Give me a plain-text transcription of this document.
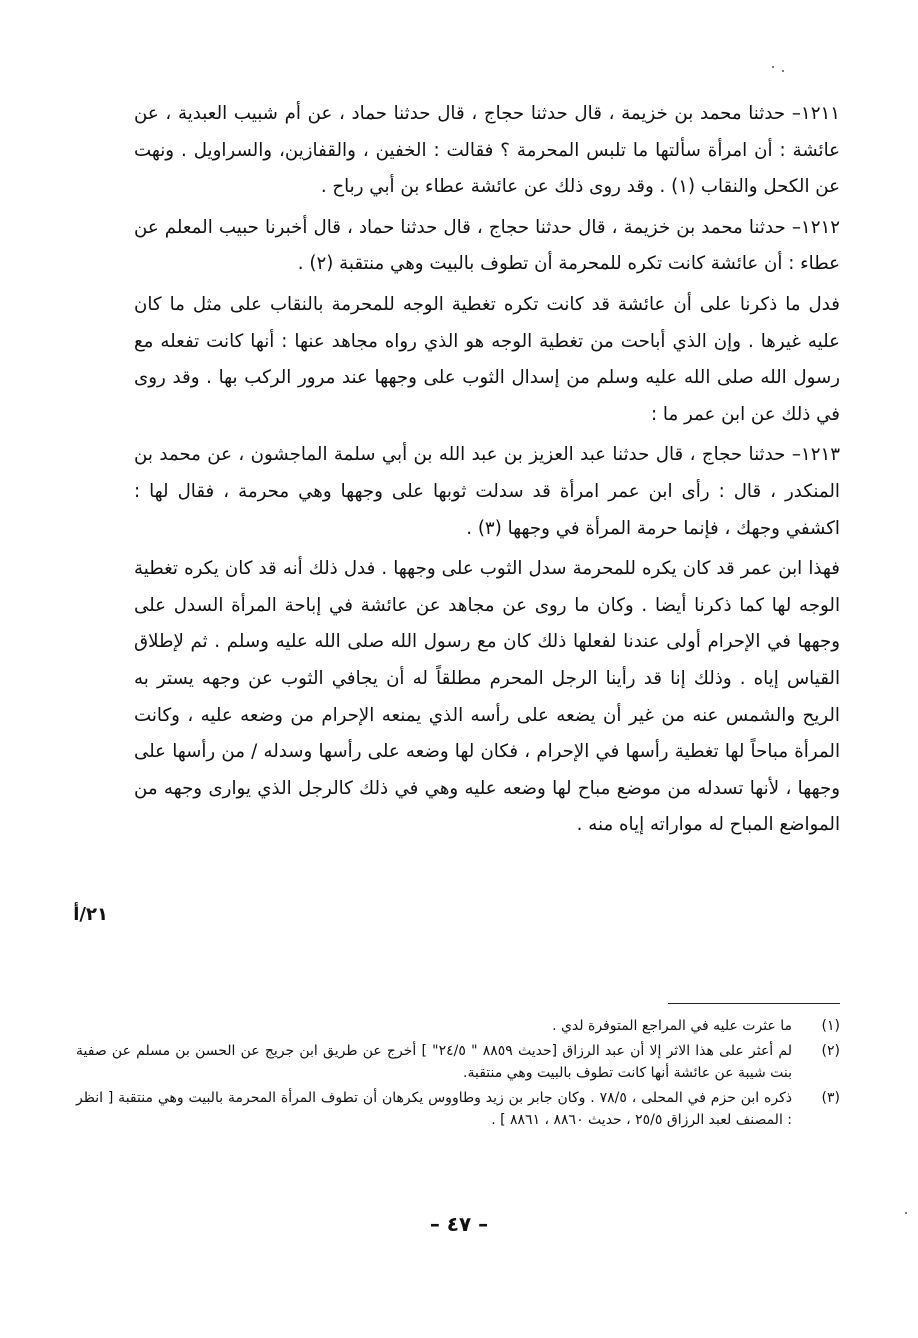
١٢١١– حدثنا محمد بن خزيمة ، قال حدثنا حجاج ، قال حدثنا حماد ، عن أم شبيب العبدية ، عن عائشة : أن امرأة سألتها ما تلبس المحرمة ؟ فقالت : الخفين ، والقفازين، والسراويل . ونهت عن الكحل والنقاب (١) . وقد روى ذلك عن عائشة عطاء بن أبي رباح .

١٢١٢– حدثنا محمد بن خزيمة ، قال حدثنا حجاج ، قال حدثنا حماد ، قال أخبرنا حبيب المعلم عن عطاء : أن عائشة كانت تكره للمحرمة أن تطوف بالبيت وهي منتقبة (٢) .

فدل ما ذكرنا على أن عائشة قد كانت تكره تغطية الوجه للمحرمة بالنقاب على مثل ما كان عليه غيرها . وإن الذي أباحت من تغطية الوجه هو الذي رواه مجاهد عنها : أنها كانت تفعله مع رسول الله صلى الله عليه وسلم من إسدال الثوب على وجهها عند مرور الركب بها . وقد روى في ذلك عن ابن عمر ما :

١٢١٣– حدثنا حجاج ، قال حدثنا عبد العزيز بن عبد الله بن أبي سلمة الماجشون ، عن محمد بن المنكدر ، قال : رأى ابن عمر امرأة قد سدلت ثوبها على وجهها وهي محرمة ، فقال لها : اكشفي وجهك ، فإنما حرمة المرأة في وجهها (٣) .

فهذا ابن عمر قد كان يكره للمحرمة سدل الثوب على وجهها . فدل ذلك أنه قد كان يكره تغطية الوجه لها كما ذكرنا أيضا . وكان ما روى عن مجاهد عن عائشة في إباحة المرأة السدل على وجهها في الإحرام أولى عندنا لفعلها ذلك كان مع رسول الله صلى الله عليه وسلم . ثم لإطلاق القياس إياه . وذلك إنا قد رأينا الرجل المحرم مطلقاً له أن يجافي الثوب عن وجهه يستر به الريح والشمس عنه من غير أن يضعه على رأسه الذي يمنعه الإحرام من وضعه عليه ، وكانت المرأة مباحاً لها تغطية رأسها في الإحرام ، فكان لها وضعه على رأسها وسدله / من رأسها على وجهها ، لأنها تسدله من موضع مباح لها وضعه عليه وهي في ذلك كالرجل الذي يوارى وجهه من المواضع المباح له مواراته إياه منه .

٢١/أ
(١)
ما عثرت عليه في المراجع المتوفرة لدي .
(٢)
لم أعثر على هذا الاثر إلا أن عبد الرزاق [حديث ٨٨٥٩ " ٢٤/٥" ] أخرج عن طريق ابن جريج عن الحسن بن مسلم عن صفية بنت شيبة عن عائشة أنها كانت تطوف بالبيت وهي منتقبة.
(٣)
ذكره ابن حزم في المحلى ، ٧٨/٥ . وكان جابر بن زيد وطاووس يكرهان أن تطوف المرأة المحرمة بالبيت وهي منتقبة [ انظر : المصنف لعبد الرزاق ٢٥/٥ ، حديث ٨٨٦٠ ، ٨٨٦١ ] .
– ٤٧ –
